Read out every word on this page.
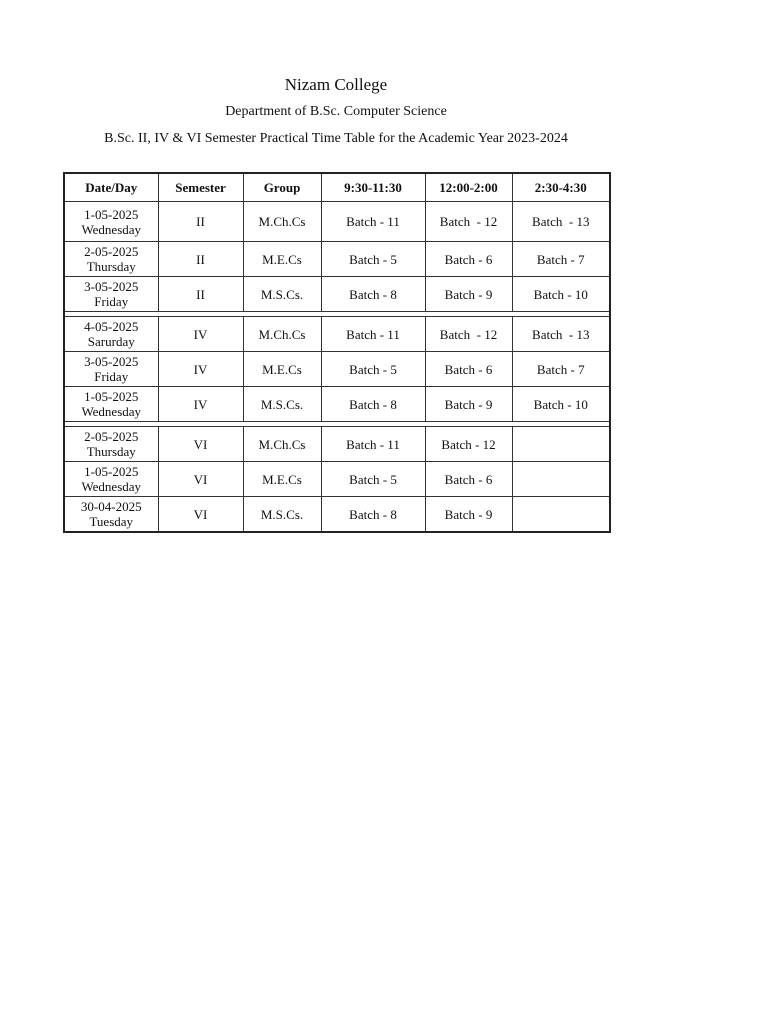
Nizam College
Department of B.Sc. Computer Science
B.Sc. II, IV & VI Semester Practical Time Table for the Academic Year 2023-2024
Date/Day	Semester	Group	9:30-11:30	12:00-2:00	2:30-4:30
1-05-2025
Wednesday	II	M.Ch.Cs	Batch - 11	Batch  - 12	Batch  - 13
2-05-2025
Thursday	II	M.E.Cs	Batch - 5	Batch - 6	Batch - 7
3-05-2025
Friday	II	M.S.Cs.	Batch - 8	Batch - 9	Batch - 10

4-05-2025
Sarurday	IV	M.Ch.Cs	Batch - 11	Batch  - 12	Batch  - 13
3-05-2025
Friday	IV	M.E.Cs	Batch - 5	Batch - 6	Batch - 7
1-05-2025
Wednesday	IV	M.S.Cs.	Batch - 8	Batch - 9	Batch - 10

2-05-2025
Thursday	VI	M.Ch.Cs	Batch - 11	Batch - 12	
1-05-2025
Wednesday	VI	M.E.Cs	Batch - 5	Batch - 6	
30-04-2025
Tuesday	VI	M.S.Cs.	Batch - 8	Batch - 9	
